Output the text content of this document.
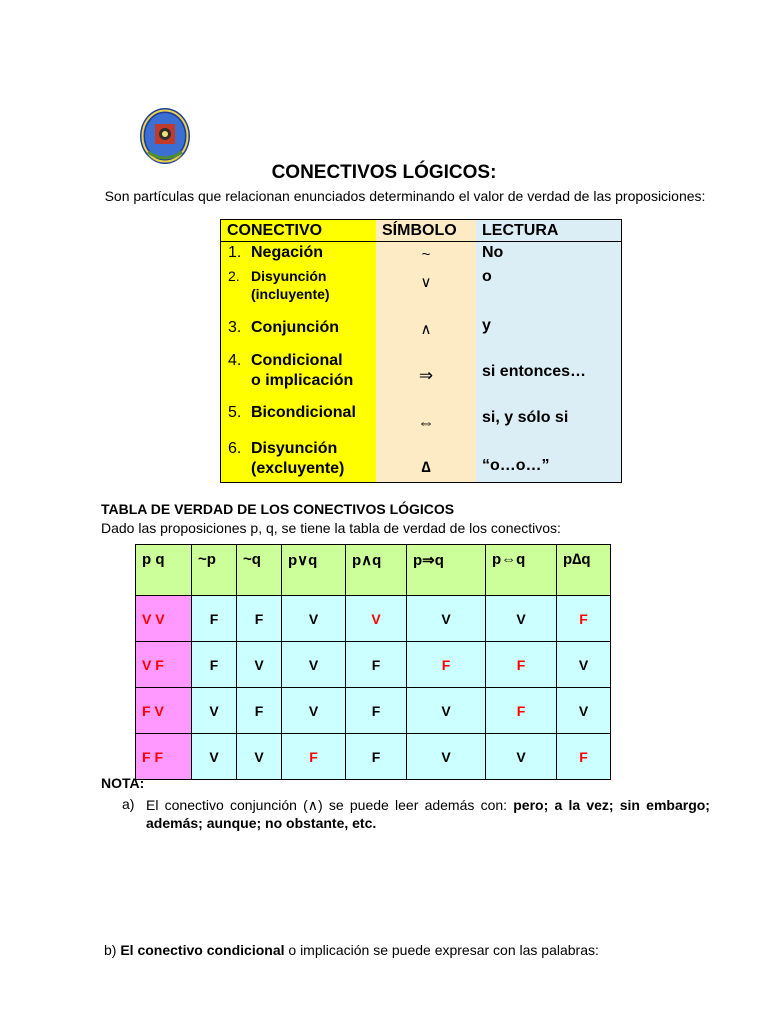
CONECTIVOS LÓGICOS:
Son partículas que relacionan enunciados determinando el valor de verdad de las proposiciones:
CONECTIVO	SÍMBOLO	LECTURA
1. Negación	~	No
2. Disyunción
(incluyente)
∨	o
3. Conjunción	∧	y
4. Condicional
o implicación	⇒	si entonces…
5. Bicondicional
⇔	si, y sólo si
6. Disyunción
(excluyente)	∆	“o…o…”
TABLA DE VERDAD DE LOS CONECTIVOS LÓGICOS
Dado las proposiciones p, q, se tiene la tabla de verdad de los conectivos:
p q	~p	~q	p∨q	p∧q	p⇒q	p⇔q	p∆q
V V	F	F	V	V	V	V	F
V F	F	V	V	F	F	F	V
F V	V	F	V	F	V	F	V
F F	V	V	F	F	V	V	F
NOTA:
a) El conectivo conjunción (∧) se puede leer además con: pero; a la vez; sin embargo; además; aunque; no obstante, etc.
b) El conectivo condicional o implicación se puede expresar con las palabras:
